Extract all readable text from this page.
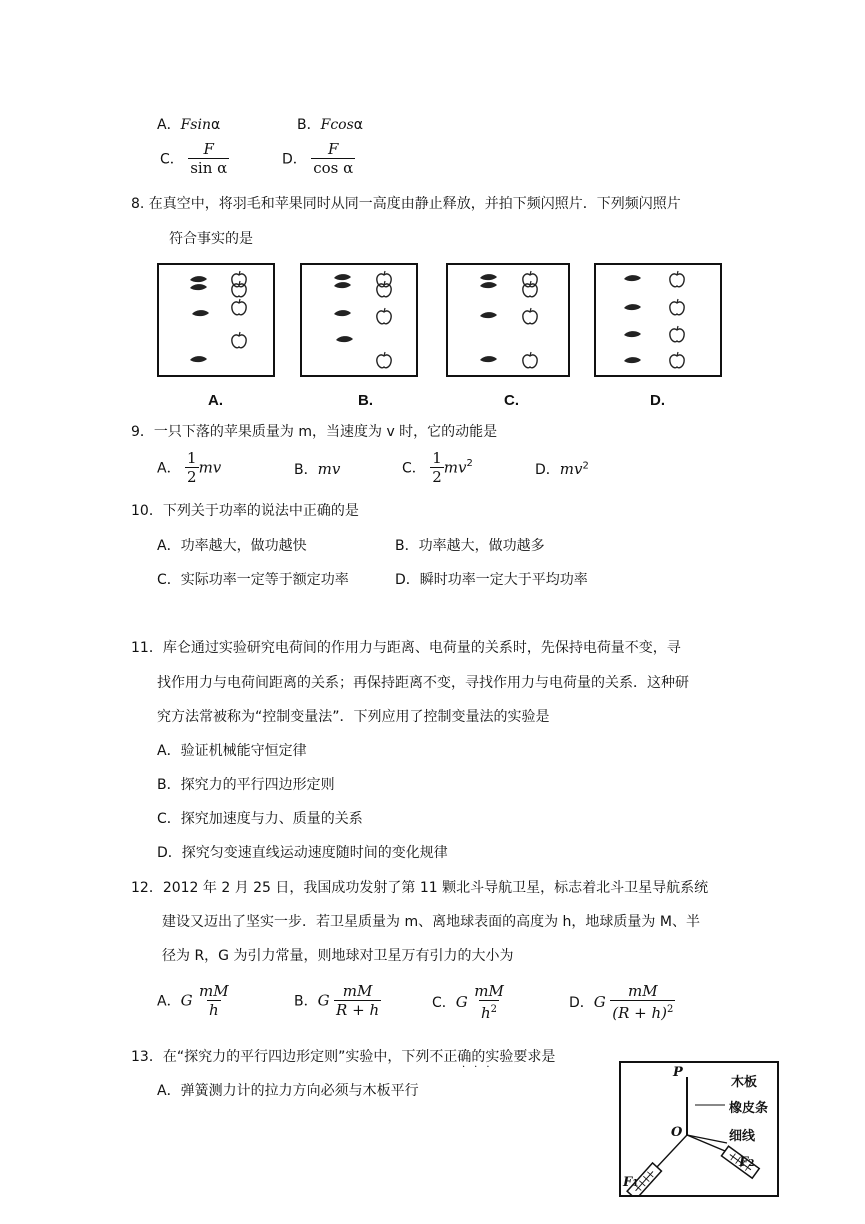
A．Fsinα	B．Fcosα
C． $\frac{F}{\text{sin α}}$	D． $\frac{F}{\text{cos α}}$
8. 在真空中，将羽毛和苹果同时从同一高度由静止释放，并拍下频闪照片．下列频闪照片
符合事实的是
A.	B.	C.	D.
9．一只下落的苹果质量为 m，当速度为 v 时，它的动能是
A． $\frac{1}{2}$ mv	B．mv	C． $\frac{1}{2} mv^2$	D．$mv^2$
10．下列关于功率的说法中正确的是
A．功率越大，做功越快	B．功率越大，做功越多
C．实际功率一定等于额定功率	D．瞬时功率一定大于平均功率
11．库仑通过实验研究电荷间的作用力与距离、电荷量的关系时，先保持电荷量不变，寻
找作用力与电荷间距离的关系；再保持距离不变，寻找作用力与电荷量的关系．这种研
究方法常被称为“控制变量法”．下列应用了控制变量法的实验是
A．验证机械能守恒定律
B．探究力的平行四边形定则
C．探究加速度与力、质量的关系
D．探究匀变速直线运动速度随时间的变化规律
12．2012 年 2 月 25 日，我国成功发射了第 11 颗北斗导航卫星，标志着北斗卫星导航系统
建设又迈出了坚实一步．若卫星质量为 m、离地球表面的高度为 h，地球质量为 M、半
径为 R，G 为引力常量，则地球对卫星万有引力的大小为
A．G $\frac{mM}{h}$	B．G $\frac{mM}{R + h}$	C．G $\frac{mM}{h^2}$	D．G $\frac{mM}{(R + h)^2}$
13．在“探究力的平行四边形定则”实验中，下列不正确的实验要求是
···
A．弹簧测力计的拉力方向必须与木板平行
P
O
木板
橡皮条
细线
F1
F2
